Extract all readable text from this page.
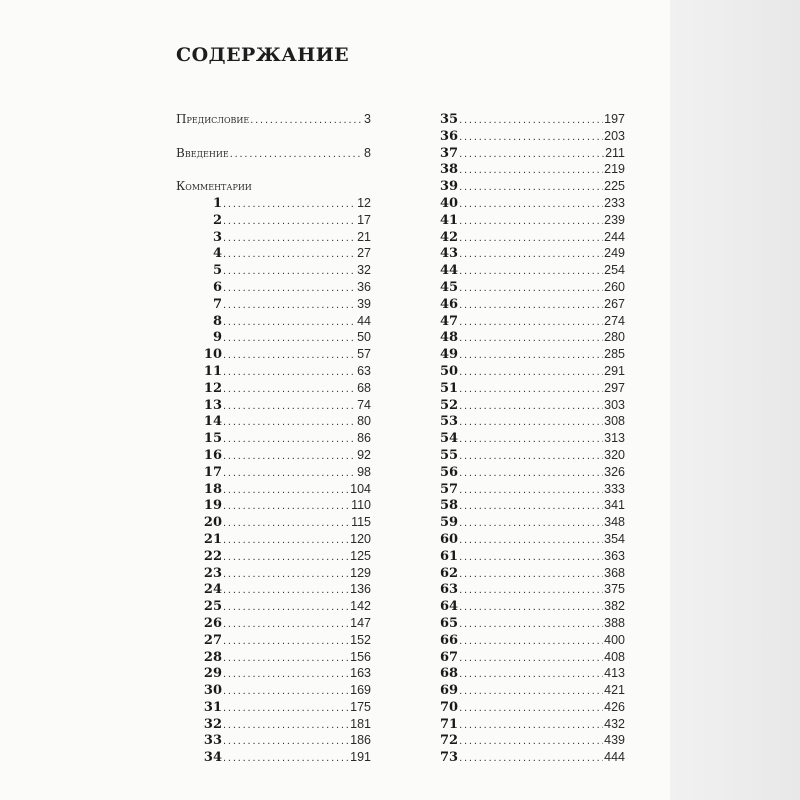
СОДЕРЖАНИЕ
Предисловие . . .	3
Введение . . .	8
Комментарии
1 . . .	12
2 . . .	17
3 . . .	21
4 . . .	27
5 . . .	32
6 . . .	36
7 . . .	39
8 . . .	44
9 . . .	50
10 . . .	57
11 . . .	63
12 . . .	68
13 . . .	74
14 . . .	80
15 . . .	86
16 . . .	92
17 . . .	98
18 . . .	104
19 . . .	110
20 . . .	115
21 . . .	120
22 . . .	125
23 . . .	129
24 . . .	136
25 . . .	142
26 . . .	147
27 . . .	152
28 . . .	156
29 . . .	163
30 . . .	169
31 . . .	175
32 . . .	181
33 . . .	186
34 . . .	191
35 . . .	197
36 . . .	203
37 . . .	211
38 . . .	219
39 . . .	225
40 . . .	233
41 . . .	239
42 . . .	244
43 . . .	249
44 . . .	254
45 . . .	260
46 . . .	267
47 . . .	274
48 . . .	280
49 . . .	285
50 . . .	291
51 . . .	297
52 . . .	303
53 . . .	308
54 . . .	313
55 . . .	320
56 . . .	326
57 . . .	333
58 . . .	341
59 . . .	348
60 . . .	354
61 . . .	363
62 . . .	368
63 . . .	375
64 . . .	382
65 . . .	388
66 . . .	400
67 . . .	408
68 . . .	413
69 . . .	421
70 . . .	426
71 . . .	432
72 . . .	439
73 . . .	444
